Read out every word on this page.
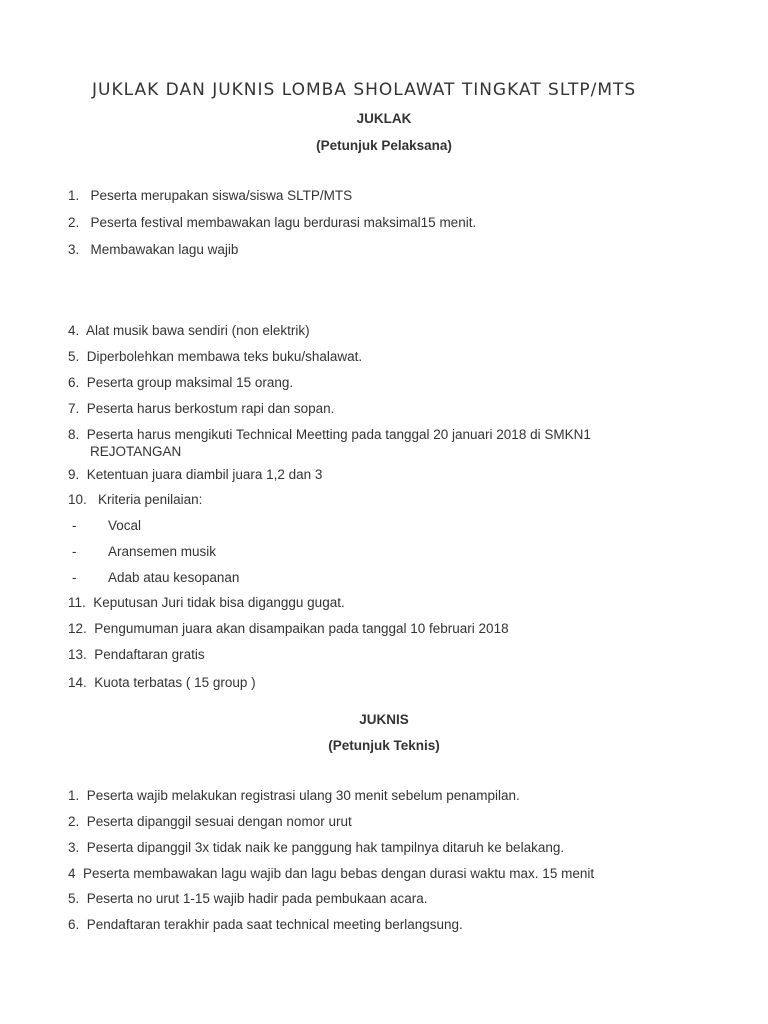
JUKLAK DAN JUKNIS LOMBA SHOLAWAT TINGKAT SLTP/MTS
JUKLAK
(Petunjuk Pelaksana)
1. Peserta merupakan siswa/siswa SLTP/MTS
2. Peserta festival membawakan lagu berdurasi maksimal15 menit.
3. Membawakan lagu wajib
4. Alat musik bawa sendiri (non elektrik)
5. Diperbolehkan membawa teks buku/shalawat.
6. Peserta group maksimal 15 orang.
7. Peserta harus berkostum rapi dan sopan.
8. Peserta harus mengikuti Technical Meetting pada tanggal 20 januari 2018 di SMKN1
REJOTANGAN
9. Ketentuan juara diambil juara 1,2 dan 3
10. Kriteria penilaian:
- Vocal
- Aransemen musik
- Adab atau kesopanan
11. Keputusan Juri tidak bisa diganggu gugat.
12. Pengumuman juara akan disampaikan pada tanggal 10 februari 2018
13. Pendaftaran gratis
14. Kuota terbatas ( 15 group )
JUKNIS
(Petunjuk Teknis)
1. Peserta wajib melakukan registrasi ulang 30 menit sebelum penampilan.
2. Peserta dipanggil sesuai dengan nomor urut
3. Peserta dipanggil 3x tidak naik ke panggung hak tampilnya ditaruh ke belakang.
4 Peserta membawakan lagu wajib dan lagu bebas dengan durasi waktu max. 15 menit
5. Peserta no urut 1-15 wajib hadir pada pembukaan acara.
6. Pendaftaran terakhir pada saat technical meeting berlangsung.
